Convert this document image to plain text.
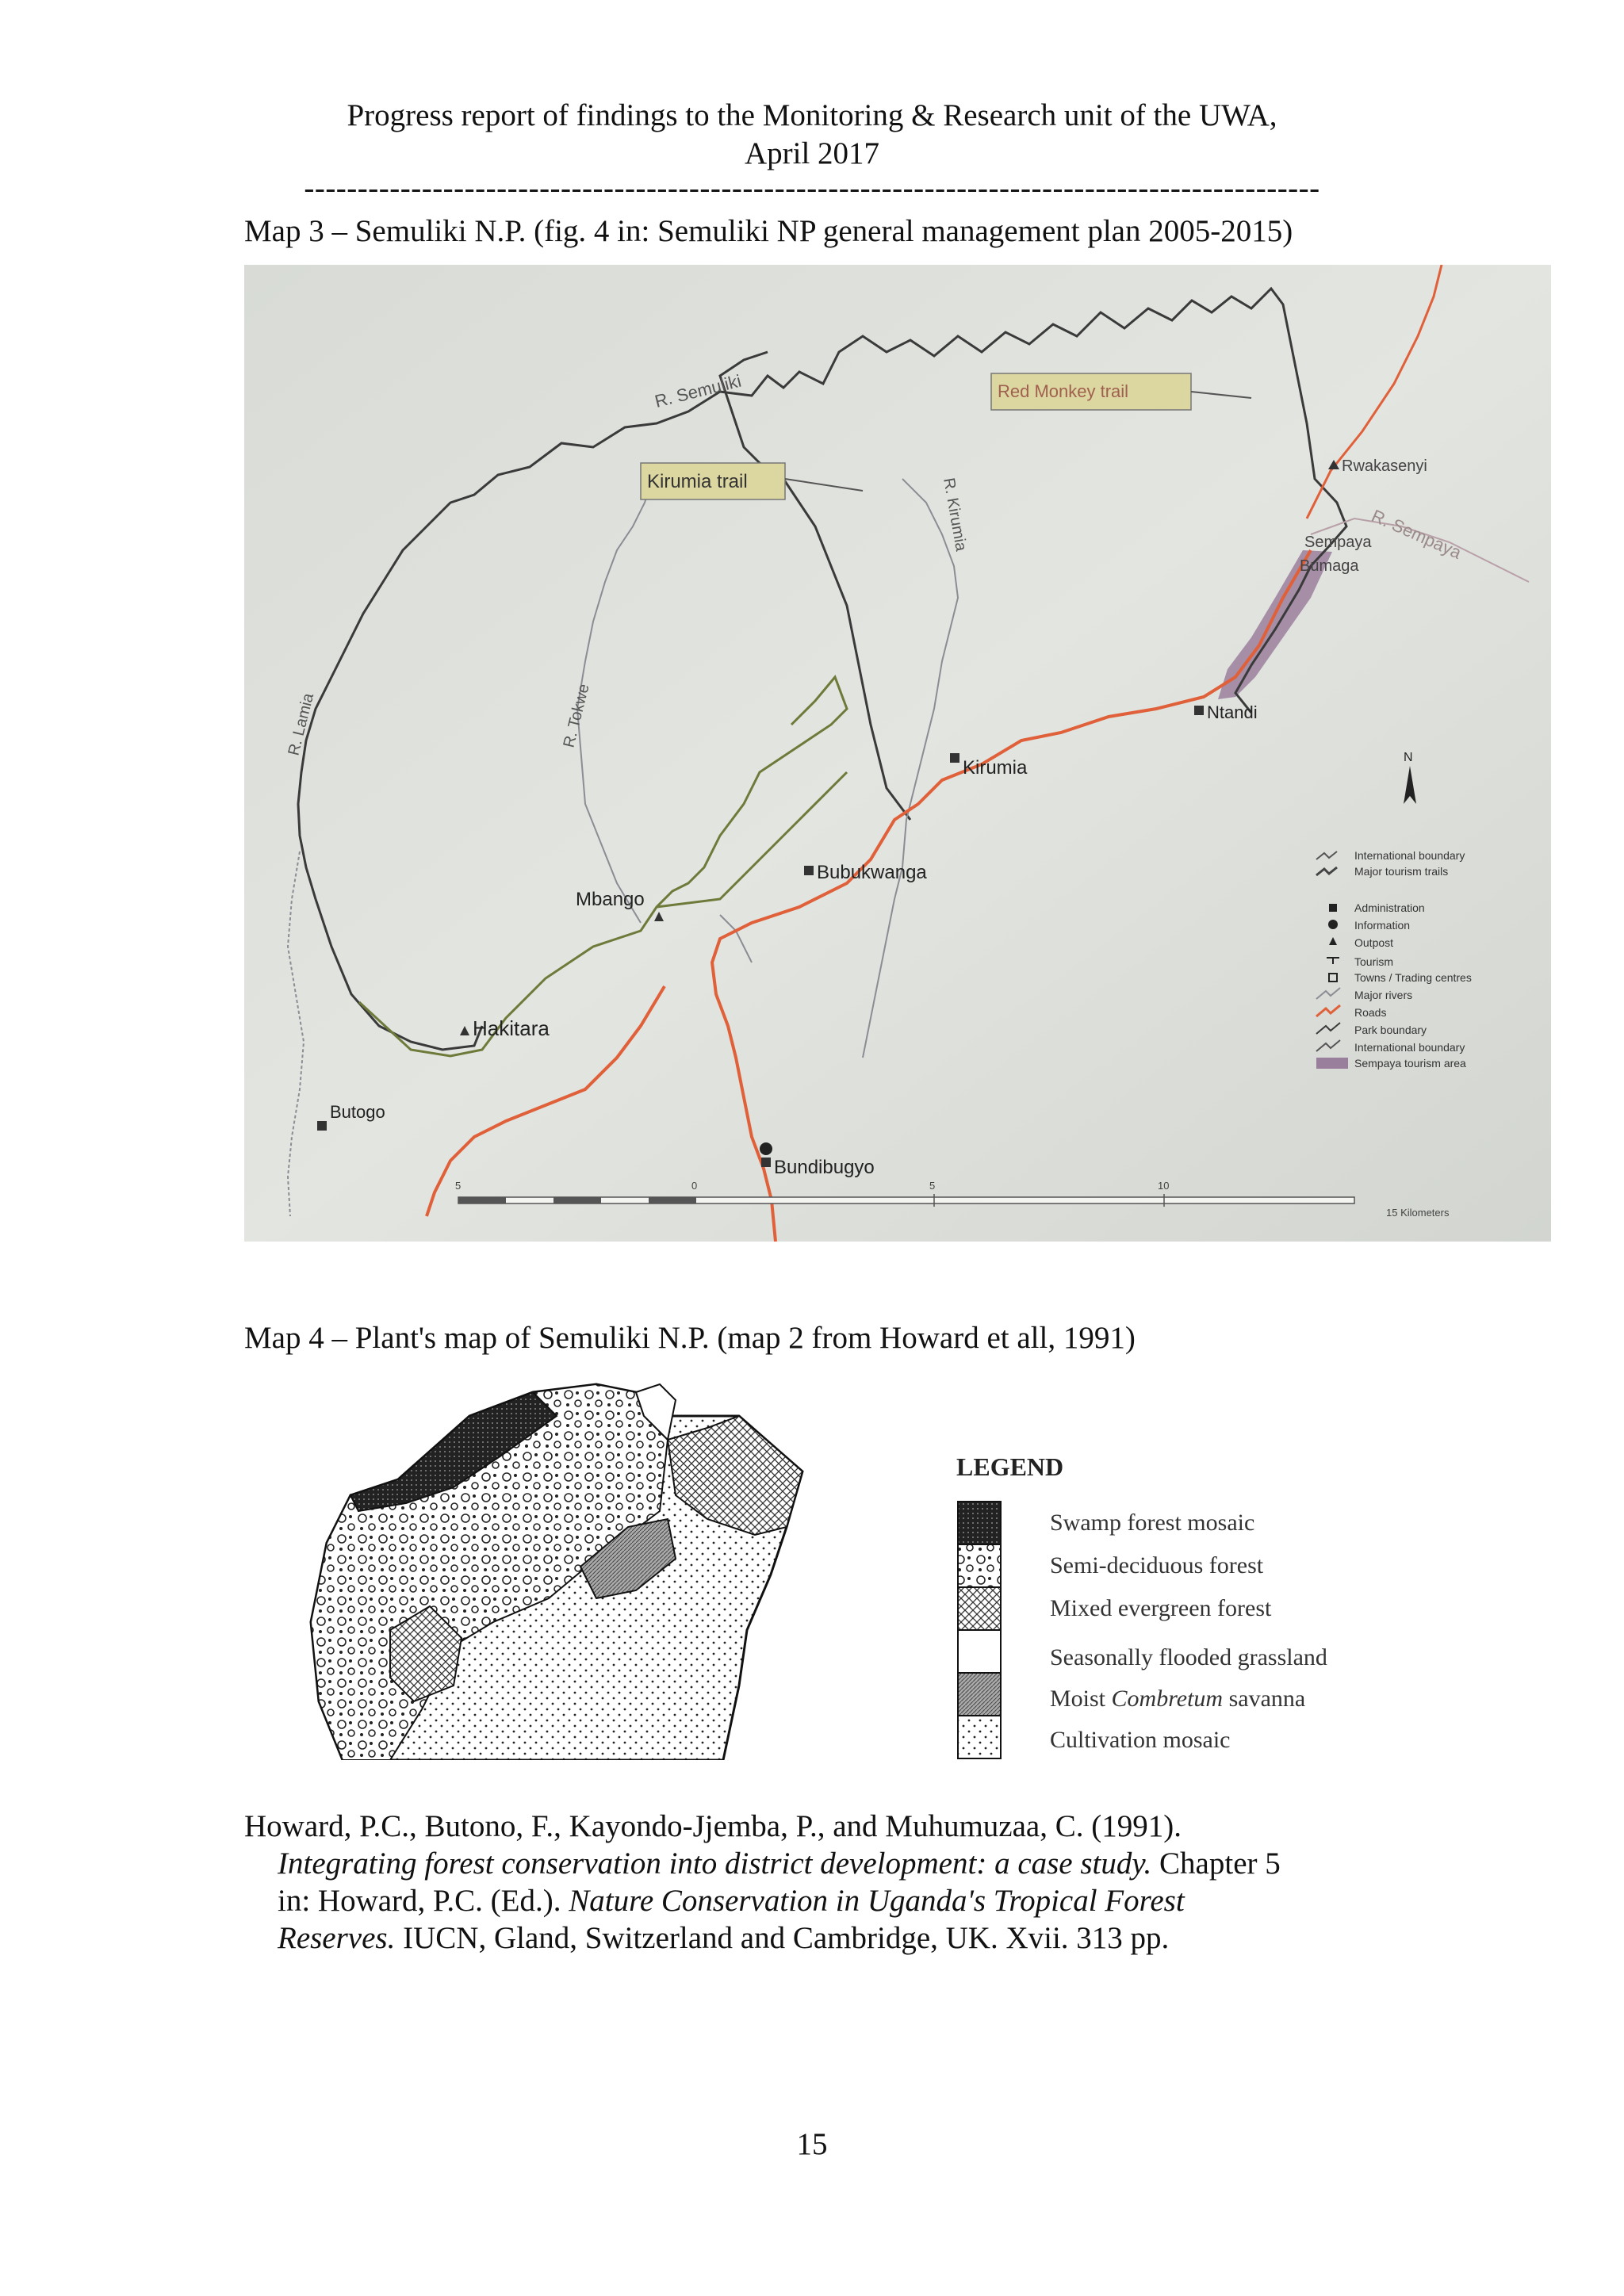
Progress report of findings to the Monitoring & Research unit of the UWA,
April 2017
-----------------------------------------------------------------------------------------------
Map 3 – Semuliki N.P. (fig. 4 in: Semuliki NP general management plan 2005-2015)
Red Monkey trail
Kirumia trail
R. Semuliki
R. Kirumia
R. Tokwe
R. Lamia
R. Sempaya
Rwakasenyi
Sempaya
Bumaga
Ntandi
Kirumia
Bubukwanga
Mbango
Hakitara
Butogo
Bundibugyo
N
International boundary
Major tourism trails
Administration
Information
Outpost
Tourism
Towns / Trading centres
Major rivers
Roads
Park boundary
International boundary
Sempaya tourism area
5	0	5	10
15 Kilometers
Map 4 – Plant's map of Semuliki N.P. (map 2 from Howard et all, 1991)
LEGEND
Swamp forest mosaic
Semi-deciduous forest
Mixed evergreen forest
Seasonally flooded grassland
Moist Combretum savanna
Cultivation mosaic
Howard, P.C., Butono, F., Kayondo-Jjemba, P., and Muhumuzaa, C. (1991).
Integrating forest conservation into district development: a case study. Chapter 5
in: Howard, P.C. (Ed.). Nature Conservation in Uganda's Tropical Forest
Reserves. IUCN, Gland, Switzerland and Cambridge, UK. Xvii. 313 pp.
15
